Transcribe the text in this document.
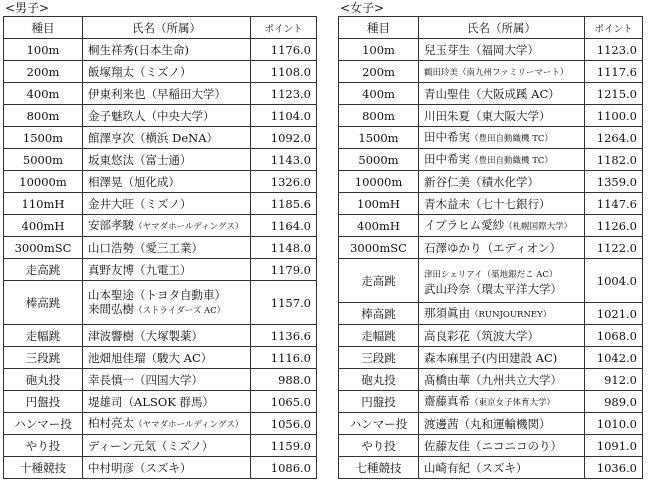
<男子>
種目	氏名（所属）	ポイント
100m	桐生祥秀(日本生命)	1176.0
200m	飯塚翔太（ミズノ）	1108.0
400m	伊東利来也（早稲田大学）	1123.0
800m	金子魅玖人（中央大学）	1104.0
1500m	館澤亨次（横浜 DeNA）	1092.0
5000m	坂東悠汰（富士通）	1143.0
10000m	相澤晃（旭化成）	1326.0
110mH	金井大旺（ミズノ）	1185.6
400mH	安部孝駿（ヤマダホールディングス）	1164.0
3000mSC	山口浩勢（愛三工業）	1148.0
走高跳	真野友博（九電工）	1179.0
棒高跳	山本聖途（トヨタ自動車）
来間弘樹（ストライダーズ AC）	1157.0
走幅跳	津波響樹（大塚製薬）	1136.6
三段跳	池畑旭佳瑠（駿大 AC）	1116.0
砲丸投	幸長慎一（四国大学）	988.0
円盤投	堤雄司（ALSOK 群馬）	1065.0
ハンマー投	柏村亮太（ヤマダホールディングス）	1056.0
やり投	ディーン元気（ミズノ）	1159.0
十種競技	中村明彦（スズキ）	1086.0
<女子>
種目	氏名（所属）	ポイント
100m	兒玉芽生（福岡大学）	1123.0
200m	鶴田玲美（南九州ファミリーマート）	1117.6
400m	青山聖佳（大阪成蹊 AC）	1215.0
800m	川田朱夏（東大阪大学）	1100.0
1500m	田中希実（豊田自動織機 TC）	1264.0
5000m	田中希実（豊田自動織機 TC）	1182.0
10000m	新谷仁美（積水化学）	1359.0
100mH	青木益未（七十七銀行）	1147.6
400mH	イブラヒム愛紗（札幌国際大学）	1126.0
3000mSC	石澤ゆかり（エディオン）	1122.0
走高跳	津田シェリアイ（築地銀だこ AC）
武山玲奈（環太平洋大学）	1004.0
棒高跳	那須眞由（RUNJOURNEY）	1021.0
走幅跳	高良彩花（筑波大学）	1068.0
三段跳	森本麻里子(内田建設 AC)	1042.0
砲丸投	髙橋由華（九州共立大学）	912.0
円盤投	齋藤真希（東京女子体育大学）	989.0
ハンマー投	渡邊茜（丸和運輸機関）	1010.0
やり投	佐藤友佳（ニコニコのり）	1091.0
七種競技	山崎有紀（スズキ）	1036.0
